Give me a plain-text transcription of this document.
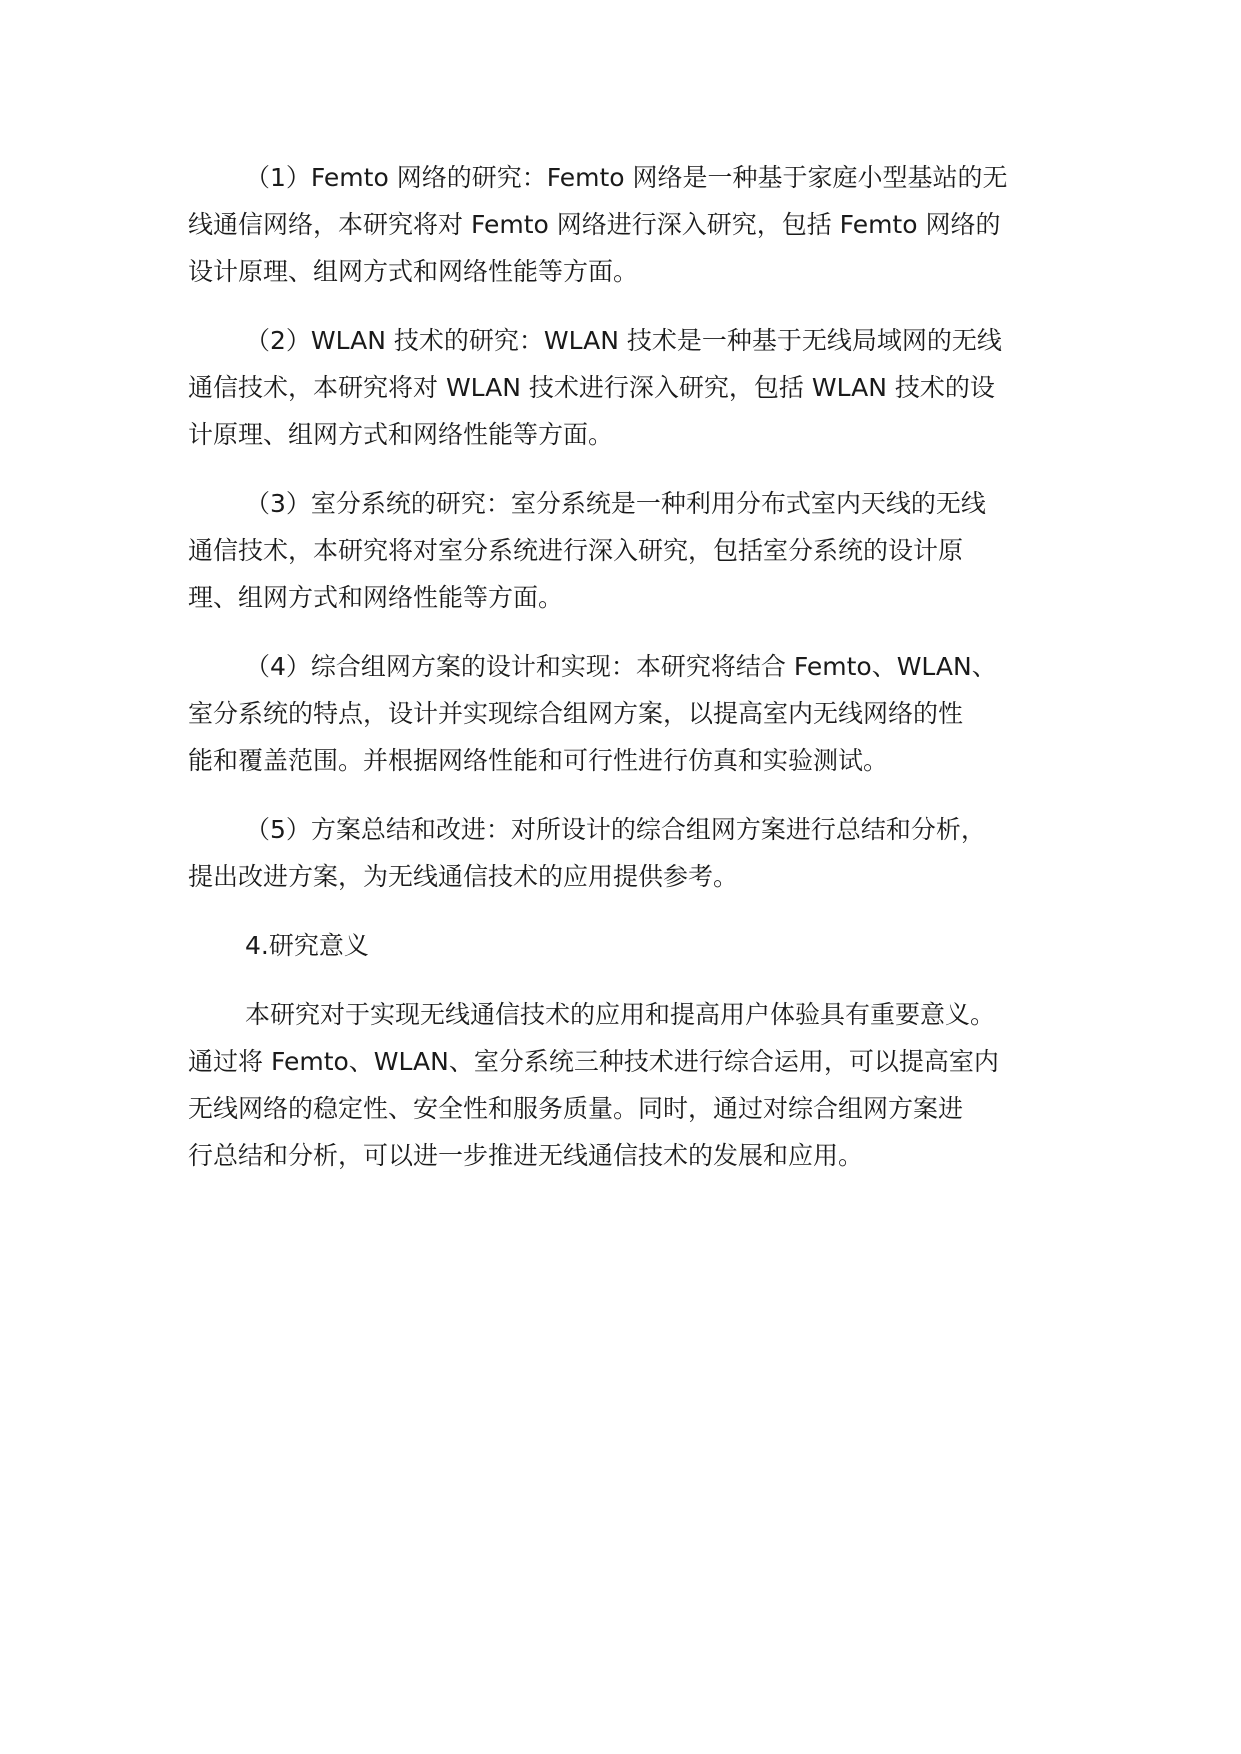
（1）Femto 网络的研究：Femto 网络是一种基于家庭小型基站的无
线通信网络，本研究将对 Femto 网络进行深入研究，包括 Femto 网络的
设计原理、组网方式和网络性能等方面。

（2）WLAN 技术的研究：WLAN 技术是一种基于无线局域网的无线
通信技术，本研究将对 WLAN 技术进行深入研究，包括 WLAN 技术的设
计原理、组网方式和网络性能等方面。

（3）室分系统的研究：室分系统是一种利用分布式室内天线的无线
通信技术，本研究将对室分系统进行深入研究，包括室分系统的设计原
理、组网方式和网络性能等方面。

（4）综合组网方案的设计和实现：本研究将结合 Femto、WLAN、
室分系统的特点，设计并实现综合组网方案，以提高室内无线网络的性
能和覆盖范围。并根据网络性能和可行性进行仿真和实验测试。

（5）方案总结和改进：对所设计的综合组网方案进行总结和分析，
提出改进方案，为无线通信技术的应用提供参考。

4.研究意义

本研究对于实现无线通信技术的应用和提高用户体验具有重要意义。
通过将 Femto、WLAN、室分系统三种技术进行综合运用，可以提高室内
无线网络的稳定性、安全性和服务质量。同时，通过对综合组网方案进
行总结和分析，可以进一步推进无线通信技术的发展和应用。
